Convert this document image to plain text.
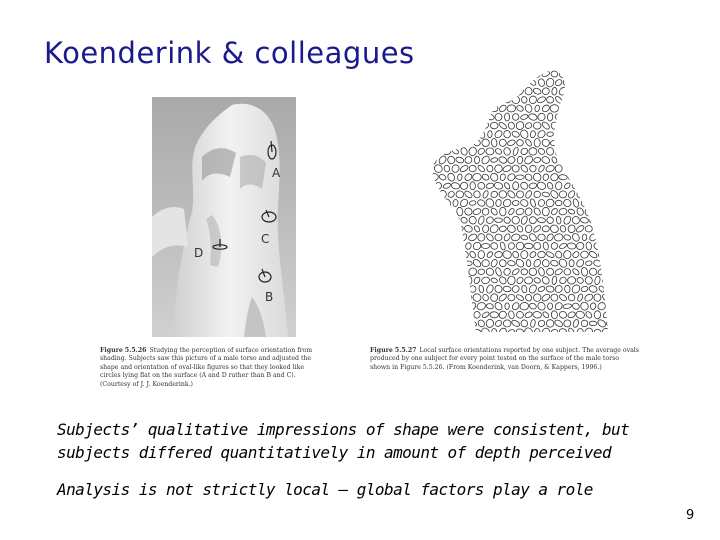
Koenderink & colleagues
A
C
D
B
Figure 5.5.26 Studying the perception of surface orientation from shading. Subjects saw this picture of a male torso and adjusted the shape and orientation of oval-like figures so that they looked like circles lying flat on the surface (A and D rather than B and C). (Courtesy of J. J. Koenderink.)
Figure 5.5.27 Local surface orientations reported by one subject. The average ovals produced by one subject for every point tested on the surface of the male torso shown in Figure 5.5.26. (From Koenderink, van Doorn, & Kappers, 1996.)
Subjects’ qualitative impressions of shape were consistent, but
subjects differed quantitatively in amount of depth perceived
Analysis is not strictly local – global factors play a role
9
